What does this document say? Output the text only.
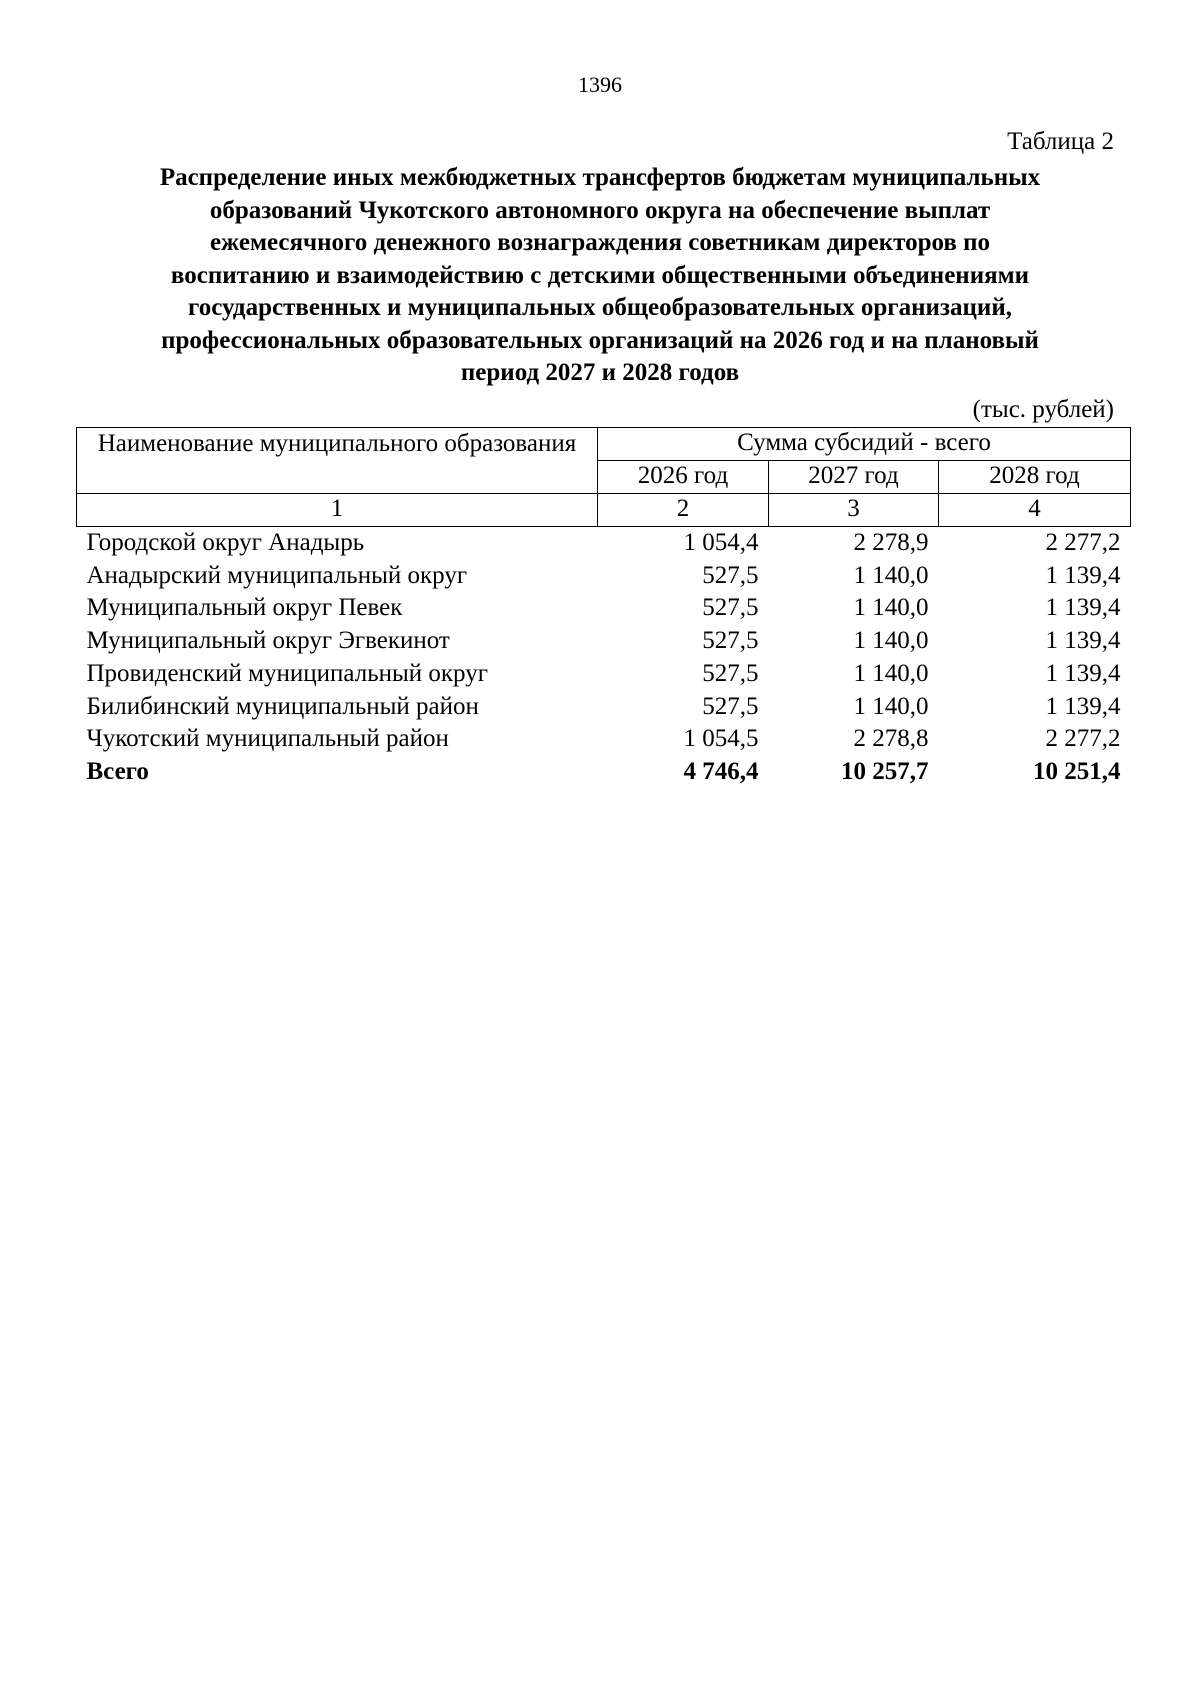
1396
Таблица 2
Распределение иных межбюджетных трансфертов бюджетам муниципальных
образований Чукотского автономного округа на обеспечение выплат
ежемесячного денежного вознаграждения советникам директоров по
воспитанию и взаимодействию с детскими общественными объединениями
государственных и муниципальных общеобразовательных организаций,
профессиональных образовательных организаций на 2026 год и на плановый
период 2027 и 2028 годов
(тыс. рублей)
Наименование муниципального образования	Сумма субсидий - всего		
	2026 год	2027 год	2028 год
1	2	3	4
Городской округ Анадырь	1 054,4	2 278,9	2 277,2
Анадырский муниципальный округ	527,5	1 140,0	1 139,4
Муниципальный округ Певек	527,5	1 140,0	1 139,4
Муниципальный округ Эгвекинот	527,5	1 140,0	1 139,4
Провиденский муниципальный округ	527,5	1 140,0	1 139,4
Билибинский муниципальный район	527,5	1 140,0	1 139,4
Чукотский муниципальный район	1 054,5	2 278,8	2 277,2
Всего	4 746,4	10 257,7	10 251,4
